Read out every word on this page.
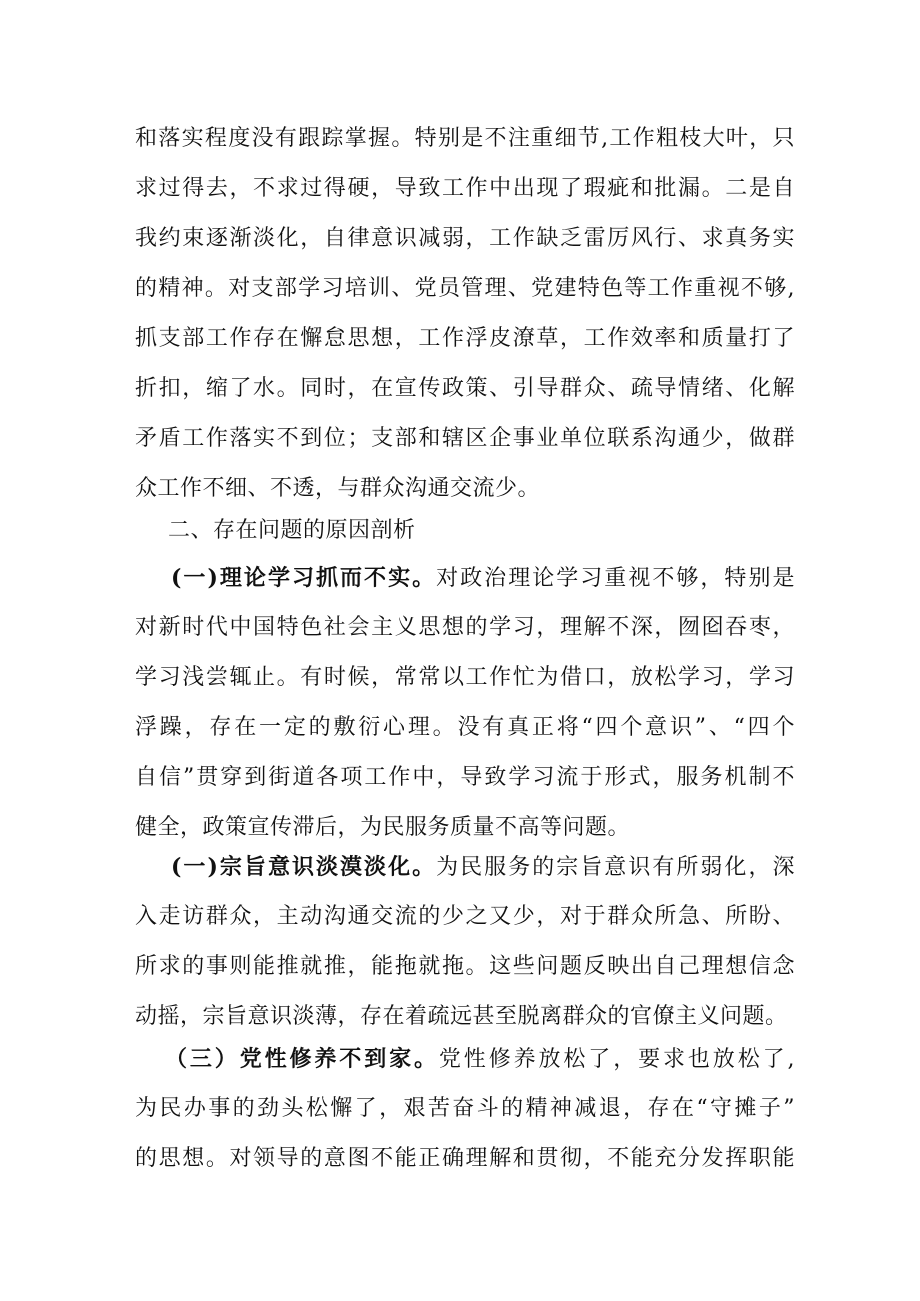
和落实程度没有跟踪掌握。特别是不注重细节,工作粗枝大叶，只
求过得去，不求过得硬，导致工作中出现了瑕疵和批漏。二是自
我约束逐渐淡化，自律意识减弱，工作缺乏雷厉风行、求真务实
的精神。对支部学习培训、党员管理、党建特色等工作重视不够,
抓支部工作存在懈怠思想，工作浮皮潦草，工作效率和质量打了
折扣，缩了水。同时，在宣传政策、引导群众、疏导情绪、化解
矛盾工作落实不到位；支部和辖区企事业单位联系沟通少，做群
众工作不细、不透，与群众沟通交流少。
二、存在问题的原因剖析
(一)理论学习抓而不实。对政治理论学习重视不够，特别是
对新时代中国特色社会主义思想的学习，理解不深，囫囵吞枣，
学习浅尝辄止。有时候，常常以工作忙为借口，放松学习，学习
浮躁，存在一定的敷衍心理。没有真正将“四个意识”、“四个
自信”贯穿到街道各项工作中，导致学习流于形式，服务机制不
健全，政策宣传滞后，为民服务质量不高等问题。
(一)宗旨意识淡漠淡化。为民服务的宗旨意识有所弱化，深
入走访群众，主动沟通交流的少之又少，对于群众所急、所盼、
所求的事则能推就推，能拖就拖。这些问题反映出自己理想信念
动摇，宗旨意识淡薄，存在着疏远甚至脱离群众的官僚主义问题。
（三）党性修养不到家。党性修养放松了，要求也放松了,
为民办事的劲头松懈了，艰苦奋斗的精神减退，存在“守摊子”
的思想。对领导的意图不能正确理解和贯彻，不能充分发挥职能
